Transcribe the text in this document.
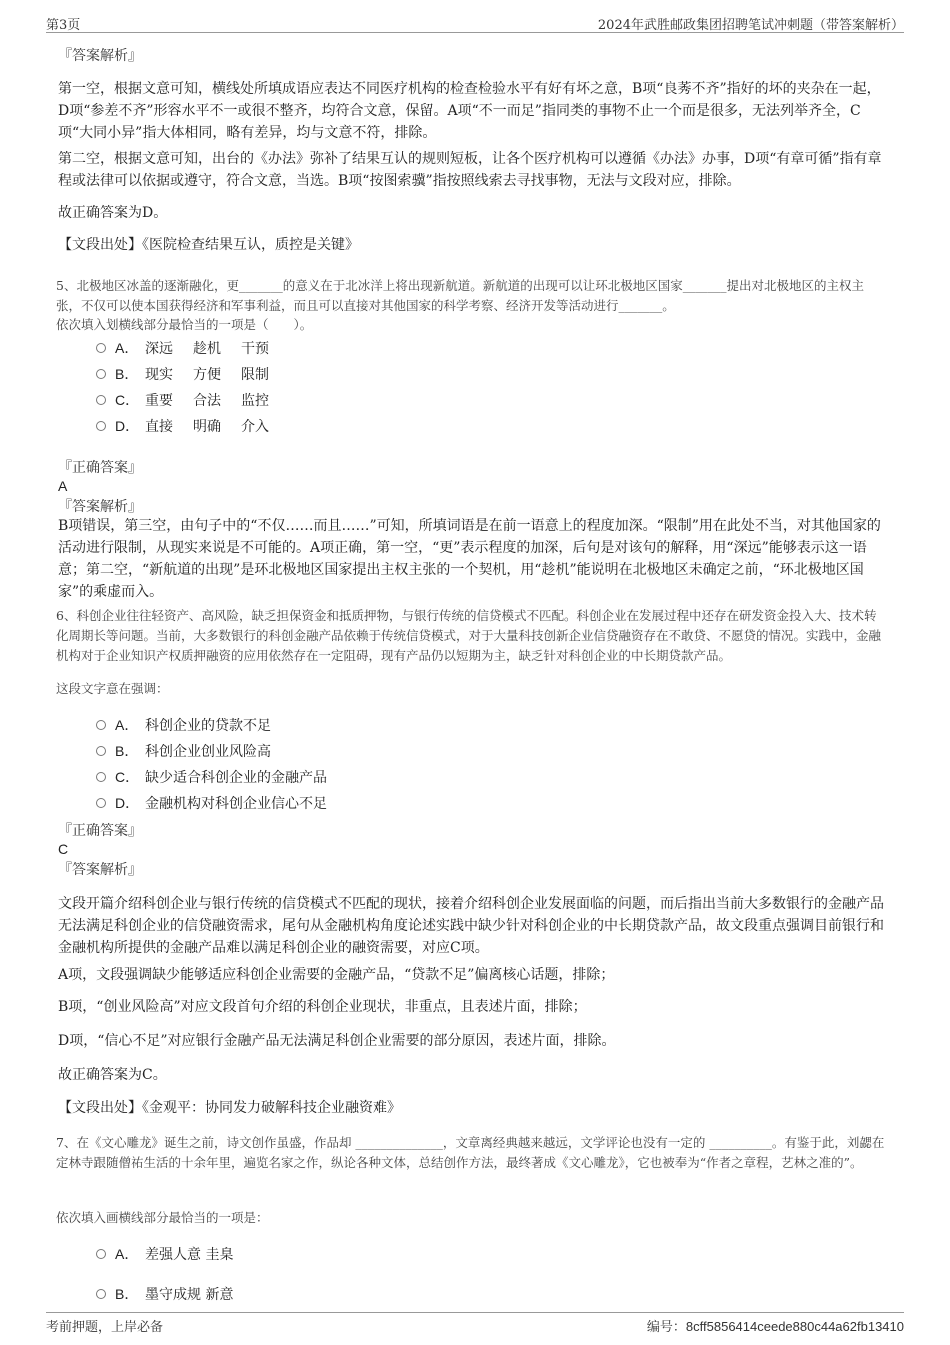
第3页	2024年武胜邮政集团招聘笔试冲刺题（带答案解析）
『答案解析』
第一空，根据文意可知，横线处所填成语应表达不同医疗机构的检查检验水平有好有坏之意，B项“良莠不齐”指好的坏的夹杂在一起，D项“参差不齐”形容水平不一或很不整齐，均符合文意，保留。A项“不一而足”指同类的事物不止一个而是很多，无法列举齐全，C项“大同小异”指大体相同，略有差异，均与文意不符，排除。
第二空，根据文意可知，出台的《办法》弥补了结果互认的规则短板，让各个医疗机构可以遵循《办法》办事，D项“有章可循”指有章程或法律可以依据或遵守，符合文意，当选。B项“按图索骥”指按照线索去寻找事物，无法与文段对应，排除。
故正确答案为D。
【文段出处】《医院检查结果互认，质控是关键》
5、北极地区冰盖的逐渐融化，更_______的意义在于北冰洋上将出现新航道。新航道的出现可以让环北极地区国家_______提出对北极地区的主权主张，不仅可以使本国获得经济和军事利益，而且可以直接对其他国家的科学考察、经济开发等活动进行_______。
依次填入划横线部分最恰当的一项是（　　）。
A． 深远 趁机 干预
B． 现实 方便 限制
C． 重要 合法 监控
D． 直接 明确 介入
『正确答案』
A
『答案解析』
B项错误，第三空，由句子中的“不仅……而且……”可知，所填词语是在前一语意上的程度加深。“限制”用在此处不当，对其他国家的活动进行限制，从现实来说是不可能的。A项正确，第一空，“更”表示程度的加深，后句是对该句的解释，用“深远”能够表示这一语意；第二空，“新航道的出现”是环北极地区国家提出主权主张的一个契机，用“趁机”能说明在北极地区未确定之前，“环北极地区国家”的乘虚而入。
6、科创企业往往轻资产、高风险，缺乏担保资金和抵质押物，与银行传统的信贷模式不匹配。科创企业在发展过程中还存在研发资金投入大、技术转化周期长等问题。当前，大多数银行的科创金融产品依赖于传统信贷模式，对于大量科技创新企业信贷融资存在不敢贷、不愿贷的情况。实践中，金融机构对于企业知识产权质押融资的应用依然存在一定阻碍，现有产品仍以短期为主，缺乏针对科创企业的中长期贷款产品。
这段文字意在强调：
A． 科创企业的贷款不足
B． 科创企业创业风险高
C． 缺少适合科创企业的金融产品
D． 金融机构对科创企业信心不足
『正确答案』
C
『答案解析』
文段开篇介绍科创企业与银行传统的信贷模式不匹配的现状，接着介绍科创企业发展面临的问题，而后指出当前大多数银行的金融产品无法满足科创企业的信贷融资需求，尾句从金融机构角度论述实践中缺少针对科创企业的中长期贷款产品，故文段重点强调目前银行和金融机构所提供的金融产品难以满足科创企业的融资需要，对应C项。
A项，文段强调缺少能够适应科创企业需要的金融产品，“贷款不足”偏离核心话题，排除；
B项，“创业风险高”对应文段首句介绍的科创企业现状，非重点，且表述片面，排除；
D项，“信心不足”对应银行金融产品无法满足科创企业需要的部分原因，表述片面，排除。
故正确答案为C。
【文段出处】《金观平：协同发力破解科技企业融资难》
7、在《文心雕龙》诞生之前，诗文创作虽盛，作品却 ______________，文章离经典越来越远，文学评论也没有一定的 __________。有鉴于此，刘勰在定林寺跟随僧祐生活的十余年里，遍览名家之作，纵论各种文体，总结创作方法，最终著成《文心雕龙》，它也被奉为“作者之章程，艺林之准的”。
依次填入画横线部分最恰当的一项是：
A． 差强人意 圭臬
B． 墨守成规 新意
考前押题，上岸必备	编号：8cff5856414ceede880c44a62fb13410
